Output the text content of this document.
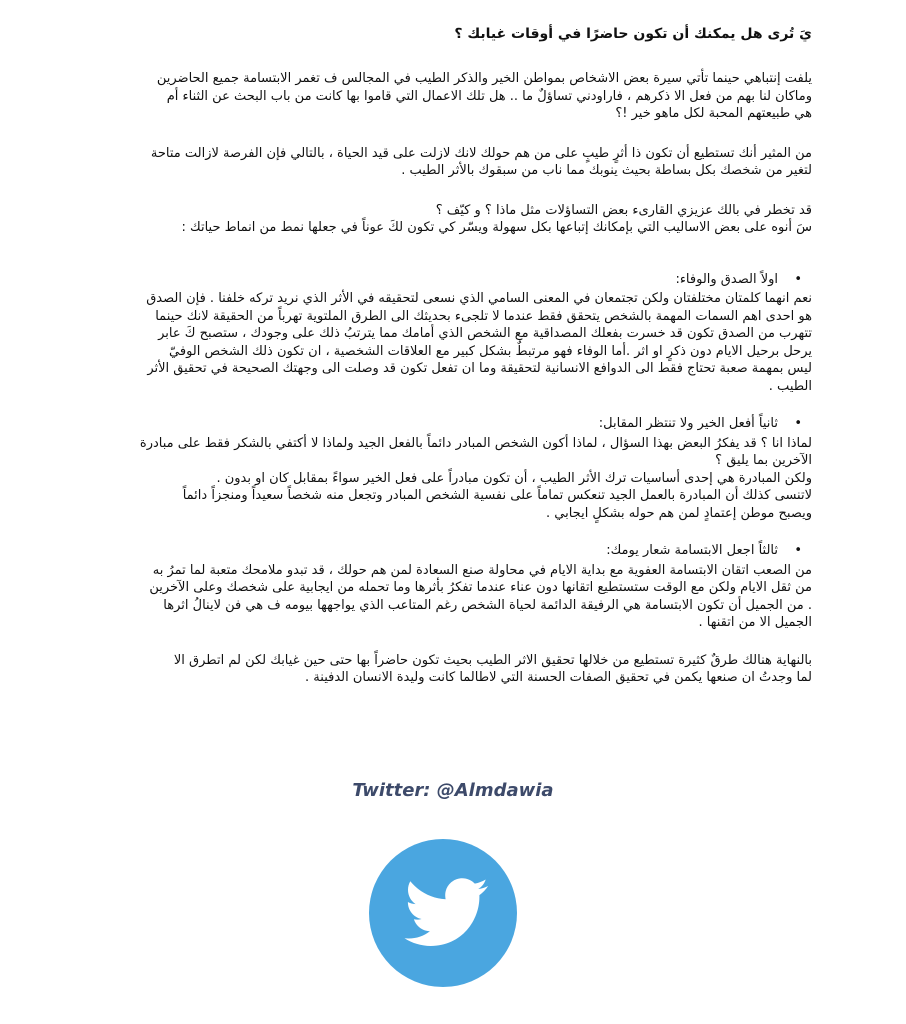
يَ تُرى هل يمكنك أن تكون حاضرًا في أوقات غيابك ؟

يلفت إنتباهي حينما تأتي سيرة بعض الاشخاص بمواطن الخير والذكر الطيب في المجالس ف تغمر الابتسامة جميع الحاضرين

وماكان لنا بهم من فعل الا ذكرهم ، فاراودني تساؤلٌ ما .. هل تلك الاعمال التي قاموا بها كانت من باب البحث عن الثناء أم

هي طبيعتهم المحبة لكل ماهو خير !؟

من المثير أنك تستطيع أن تكون ذا أثرٍ طيبٍ على من هم حولك لانك لازلت على قيد الحياة ، بالتالي فإن الفرصة لازالت متاحة

لتغير من شخصك بكل بساطة بحيث ينوبك مما ناب من سبقوك بالأثر الطيب .

قد تخطر في بالك عزيزي القارىء بعض التساؤلات مثل ماذا ؟ و كيّف ؟

سَ أنوه على بعض الاساليب التي بإمكانك إتباعها بكل سهولة ويسّر كي تكون لكَ عوناً في جعلها نمط من انماط حياتك :

•
اولاً الصدق والوفاء:

نعم انهما كلمتان مختلفتان ولكن تجتمعان في المعنى السامي الذي نسعى لتحقيقه في الأثر الذي نريد تركه خلفنا . فإن الصدق

هو احدى اهم السمات المهمة بالشخص يتحقق فقط عندما لا تلجىء بحديثك الى الطرق الملتوية تهرباً من الحقيقة لانك حينما

تتهرب من الصدق تكون قد خسرت بفعلك المصداقية مع الشخص الذي أمامك مما يترتبُ ذلك على وجودك ، ستصبح كَ عابر

يرحل برحيل الايام دون ذكرٍ او اثر .أما الوفاء فهو مرتبطٌ بشكل كبير مع العلاقات الشخصية ، ان تكون ذلك الشخص الوفيّ

ليس بمهمة صعبة تحتاج فقط الى الدوافع الانسانية لتحقيقة وما ان تفعل تكون قد وصلت الى وجهتك الصحيحة في تحقيق الأثر

الطيب .

•
ثانياً أفعل الخير ولا تنتظر المقابل:

لماذا انا ؟ قد يفكرُ البعض بهذا السؤال ، لماذا أكون الشخص المبادر دائماً بالفعل الجيد ولماذا لا أكتفي بالشكر فقط على مبادرة

الآخرين بما يليق ؟

ولكن المبادرة هي إحدى أساسيات ترك الأثر الطيب ، أن تكون مبادراً على فعل الخير سواءً بمقابل كان او بدون .

لاتنسى كذلك أن المبادرة بالعمل الجيد تنعكس تماماً على نفسية الشخص المبادر وتجعل منه شخصاً سعيداً ومنجزاً دائماً

ويصبح موطن إعتمادٍ لمن هم حوله بشكلٍ ايجابي .

•
ثالثاً اجعل الابتسامة شعار يومك:

من الصعب اتقان الابتسامة العفوية مع بداية الايام في محاولة صنع السعادة لمن هم حولك ، قد تبدو ملامحك متعبة لما تمرُ به

من ثقل الايام ولكن مع الوقت ستستطيع اتقانها دون عناء عندما تفكرُ بأثرها وما تحمله من ايجابية على شخصك وعلى الآخرين

. من الجميل أن تكون الابتسامة هي الرفيقة الدائمة لحياة الشخص رغم المتاعب الذي يواجهها بيومه ف هي فن لاينالُ اثرها

الجميل الا من اتقنها .

بالنهاية هنالك طرقٌ كثيرة تستطيع من خلالها تحقيق الاثر الطيب بحيث تكون حاضراً بها حتى حين غيابك لكن لم اتطرق الا

لما وجدتُ ان صنعها يكمن في تحقيق الصفات الحسنة التي لاطالما كانت وليدة الانسان الدفينة .

Twitter: @Almdawia
